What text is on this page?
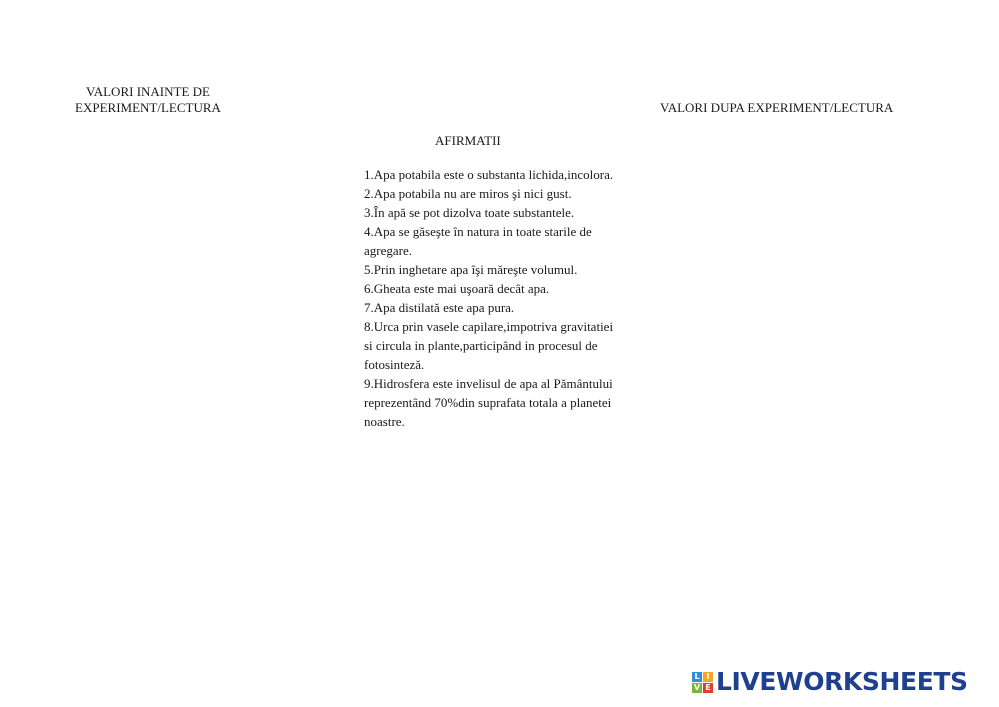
VALORI INAINTE DE
EXPERIMENT/LECTURA	VALORI DUPA EXPERIMENT/LECTURA
AFIRMATII
1.Apa potabila este o substanta lichida,incolora.
2.Apa potabila nu are miros şi nici gust.
3.În apă se pot dizolva toate substantele.
4.Apa se găseşte în natura in toate starile de agregare.
5.Prin inghetare apa îşi măreşte volumul.
6.Gheata este mai uşoară decât apa.
7.Apa distilată este apa pura.
8.Urca prin vasele capilare,impotriva gravitatiei si circula in plante,participând in procesul de fotosinteză.
9.Hidrosfera este invelisul de apa al Pământului reprezentând 70%din suprafata totala a planetei noastre.
L I
V E LIVEWORKSHEETS
